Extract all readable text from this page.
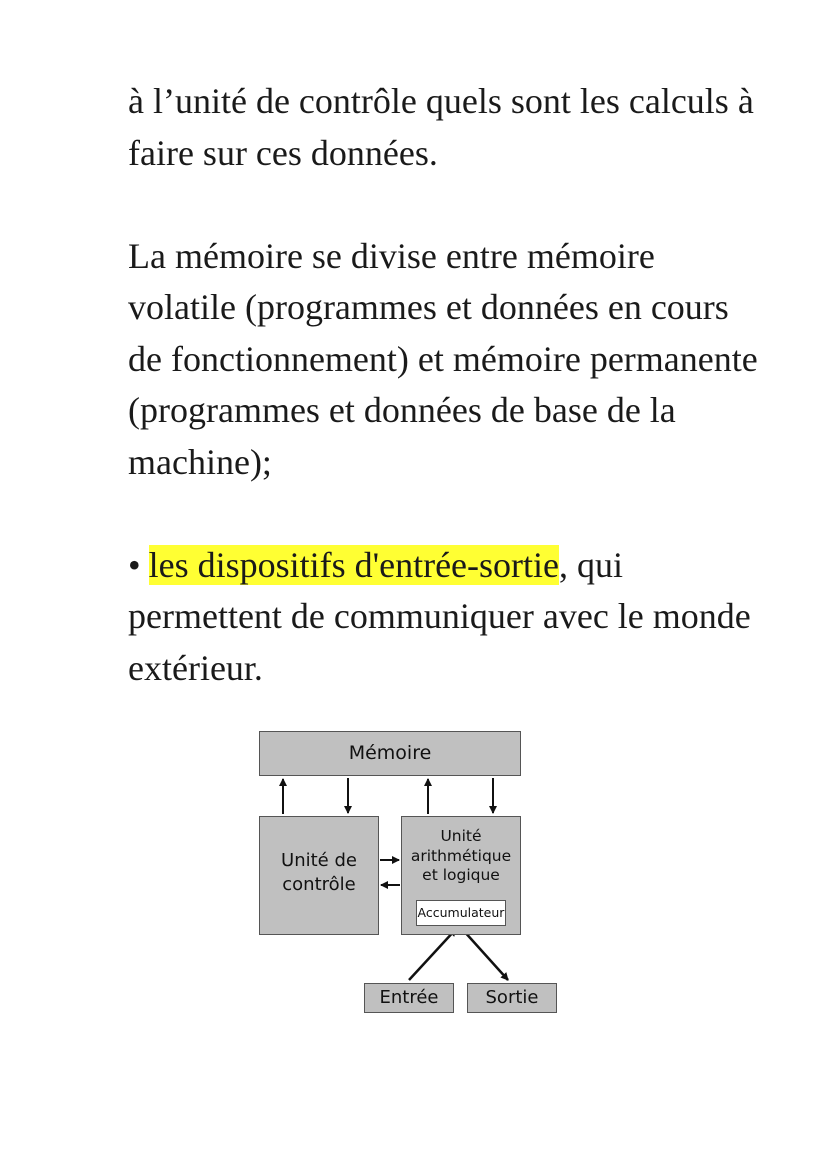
à l’unité de contrôle quels sont les calculs à faire sur ces données.

La mémoire se divise entre mémoire volatile (programmes et données en cours de fonctionnement) et mémoire permanente (programmes et données de base de la machine);

• les dispositifs d'entrée-sortie, qui permettent de communiquer avec le monde extérieur.

Mémoire
Unité de
contrôle
Unité
arithmétique
et logique
Accumulateur
Entrée	Sortie
